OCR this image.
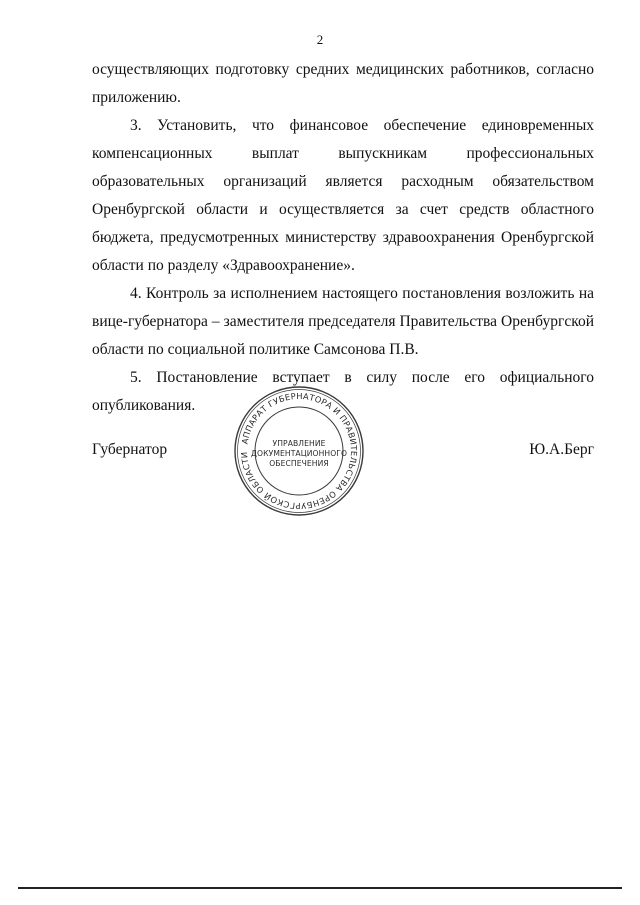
2

осуществляющих подготовку средних медицинских работников, согласно приложению.

3. Установить, что финансовое обеспечение единовременных компенсационных выплат выпускникам профессиональных образовательных организаций является расходным обязательством Оренбургской области и осуществляется за счет средств областного бюджета, предусмотренных министерству здравоохранения Оренбургской области по разделу «Здравоохранение».

4. Контроль за исполнением настоящего постановления возложить на вице-губернатора – заместителя председателя Правительства Оренбургской области по социальной политике Самсонова П.В.

5. Постановление вступает в силу после его официального опубликования.

Губернатор	Ю.А.Берг
АППАРАТ ГУБЕРНАТОРА И ПРАВИТЕЛЬСТВА ОРЕНБУРГСКОЙ ОБЛАСТИ
УПРАВЛЕНИЕ
ДОКУМЕНТАЦИОННОГО
ОБЕСПЕЧЕНИЯ
